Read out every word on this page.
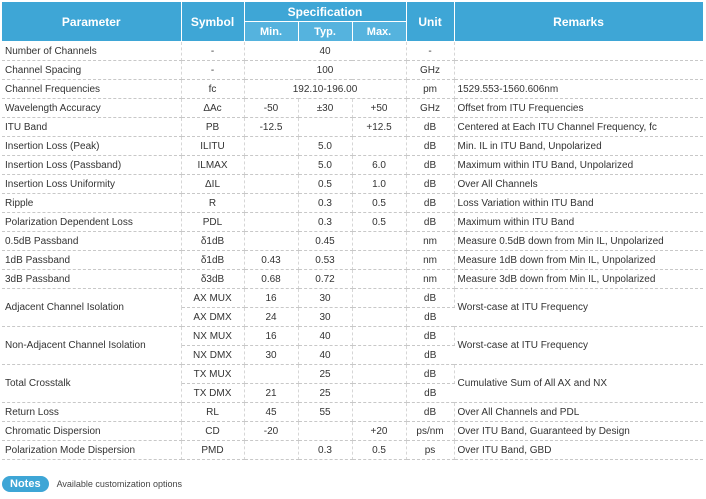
Parameter	Symbol	Specification			Unit	Remarks
		Min.	Typ.	Max.		
Number of Channels	-	40			-	
Channel Spacing	-	100			GHz	
Channel Frequencies	fc	192.10-196.00			pm	1529.553-1560.606nm
Wavelength Accuracy	ΔAc	-50	±30	+50	GHz	Offset from ITU Frequencies
ITU Band	PB	-12.5		+12.5	dB	Centered at Each ITU Channel Frequency, fc
Insertion Loss (Peak)	ILITU		5.0		dB	Min. IL in ITU Band, Unpolarized
Insertion Loss (Passband)	ILMAX		5.0	6.0	dB	Maximum within ITU Band, Unpolarized
Insertion Loss Uniformity	ΔIL		0.5	1.0	dB	Over All Channels
Ripple	R		0.3	0.5	dB	Loss Variation within ITU Band
Polarization Dependent Loss	PDL		0.3	0.5	dB	Maximum within ITU Band
0.5dB Passband	δ1dB		0.45		nm	Measure 0.5dB down from Min IL, Unpolarized
1dB Passband	δ1dB	0.43	0.53		nm	Measure 1dB down from Min IL, Unpolarized
3dB Passband	δ3dB	0.68	0.72		nm	Measure 3dB down from Min IL, Unpolarized
Adjacent Channel Isolation	AX MUX	16	30		dB	Worst-case at ITU Frequency
	AX DMX	24	30		dB	
Non-Adjacent Channel Isolation	NX MUX	16	40		dB	Worst-case at ITU Frequency
	NX DMX	30	40		dB	
Total Crosstalk	TX MUX		25		dB	Cumulative Sum of All AX and NX
	TX DMX	21	25		dB	
Return Loss	RL	45	55		dB	Over All Channels and PDL
Chromatic Dispersion	CD	-20		+20	ps/nm	Over ITU Band, Guaranteed by Design
Polarization Mode Dispersion	PMD		0.3	0.5	ps	Over ITU Band, GBD
Notes	Available customization options
